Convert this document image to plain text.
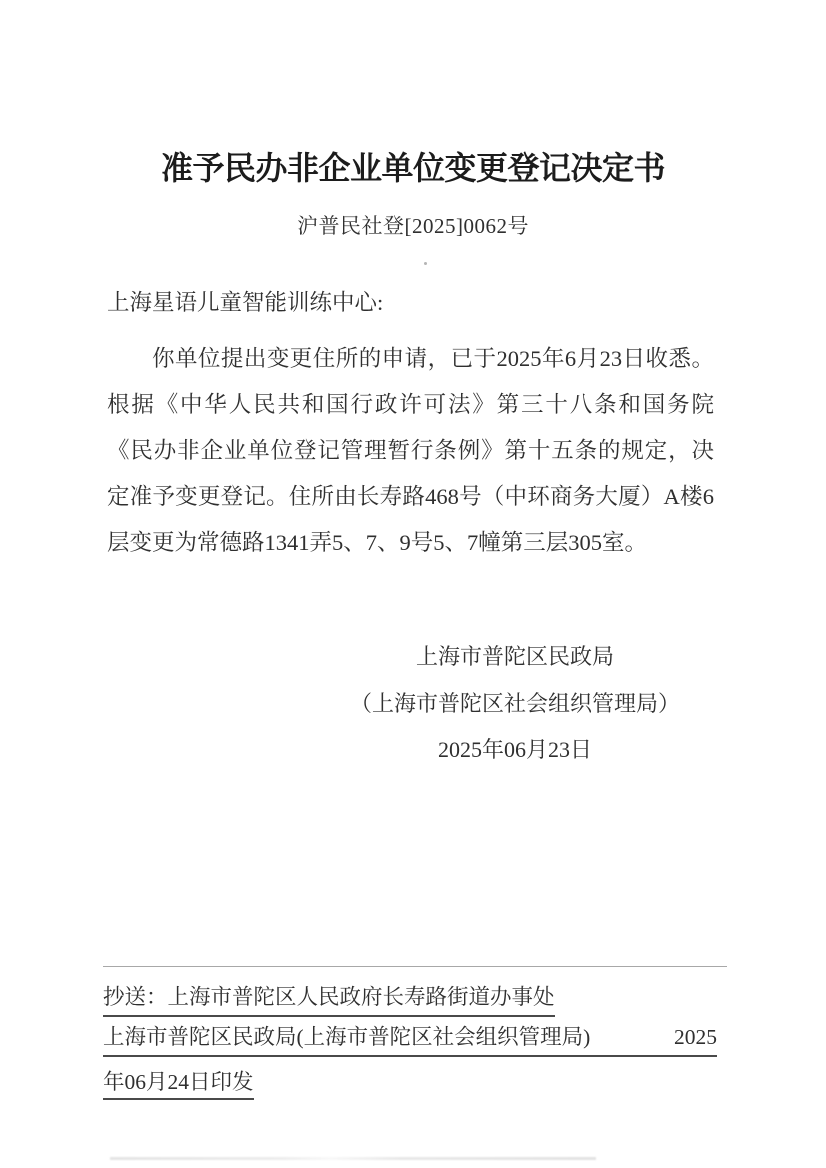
准予民办非企业单位变更登记决定书
沪普民社登[2025]0062号
上海星语儿童智能训练中心:

你单位提出变更住所的申请，已于2025年6月23日收悉。根据《中华人民共和国行政许可法》第三十八条和国务院《民办非企业单位登记管理暂行条例》第十五条的规定，决定准予变更登记。住所由长寿路468号（中环商务大厦）A楼6层变更为常德路1341弄5、7、9号5、7幢第三层305室。

上海市普陀区民政局
（上海市普陀区社会组织管理局）
2025年06月23日
抄送：上海市普陀区人民政府长寿路街道办事处
上海市普陀区民政局(上海市普陀区社会组织管理局)	2025
年06月24日印发
